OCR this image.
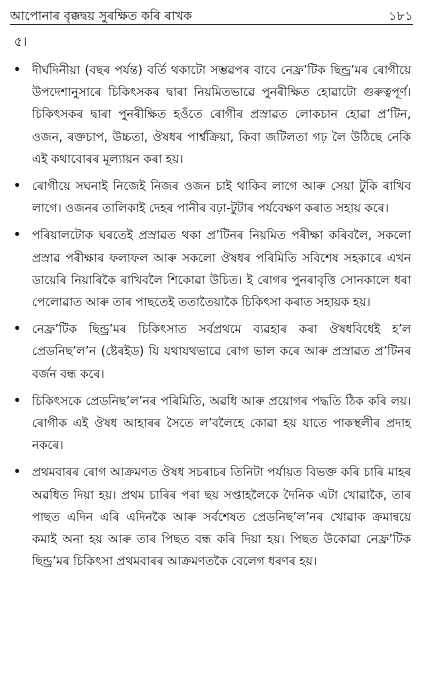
আপোনাৰ বৃক্কদ্বয় সুৰক্ষিত কৰি ৰাখক	১৮১
৫।
• দীৰ্ঘদিনীয়া (বছৰ পৰ্যন্ত) বৰ্তি থকাটো সম্ভৱপৰ বাবে নেফ্ৰ’টিক ছিন্ড্ৰ’মৰ ৰোগীয়ে উপদেশানুসাৰে চিকিৎসকৰ দ্বাৰা নিয়মিতভাৱে পুনৰীক্ষিত হোৱাটো গুৰুত্বপূৰ্ণ। চিকিৎসকৰ দ্বাৰা পুনৰীক্ষিত হওঁতে ৰোগীৰ প্ৰস্ৰাৱত লোকচান হোৱা প্ৰ’টিন, ওজন, ৰক্তচাপ, উচ্চতা, ঔষধৰ পাৰ্শ্বক্ৰিয়া, কিবা জটিলতা গঢ় লৈ উঠিছে নেকি এই কথাবোৰৰ মূল্যায়ন কৰা হয়।
• ৰোগীয়ে সঘনাই নিজেই নিজৰ ওজন চাই থাকিব লাগে আৰু সেয়া টুকি ৰাখিব লাগে। ওজনৰ তালিকাই দেহৰ পানীৰ বঢ়া-টুটাৰ পৰ্যবেক্ষণ কৰাত সহায় কৰে।
• পৰিয়ালটোক ঘৰতেই প্ৰস্ৰাৱত থকা প্ৰ’টিনৰ নিয়মিত পৰীক্ষা কৰিবলৈ, সকলো প্ৰস্ৰাৱ পৰীক্ষাৰ ফলাফল আৰু সকলো ঔষধৰ পৰিমিতি সবিশেষ সহকাৰে এখন ডায়েৰি নিয়াৰিকৈ ৰাখিবলৈ শিকোৱা উচিত। ই ৰোগৰ পুনৰাবৃত্তি সোনকালে ধৰা পেলোৱাত আৰু তাৰ পাছতেই ততাতৈয়াকৈ চিকিৎসা কৰাত সহায়ক হয়।
• নেফ্ৰ’টিক ছিন্ড্ৰ’মৰ চিকিৎসাত সৰ্বপ্ৰথমে ব্যৱহাৰ কৰা ঔষধবিধেই হ’ল প্ৰেডনিছ’ল’ন (ষ্টেৰইড) যি যথাযথভাৱে ৰোগ ভাল কৰে আৰু প্ৰস্ৰাৱত প্ৰ’টিনৰ বৰ্জন বন্ধ কৰে।
• চিকিৎসকে প্ৰেডনিছ’ল’নৰ পৰিমিতি, অৱধি আৰু প্ৰয়োগৰ পদ্ধতি ঠিক কৰি লয়। ৰোগীক এই ঔষধ আহাৰৰ সৈতে ল’বলৈহে কোৱা হয় যাতে পাকস্থলীৰ প্ৰদাহ নকৰে।
• প্ৰথমবাৰৰ ৰোগ আক্ৰমণত ঔষধ সচৰাচৰ তিনিটা পৰ্যায়ত বিভক্ত কৰি চাৰি মাহৰ অৱধিত দিয়া হয়। প্ৰথম চাৰিৰ পৰা ছয় সপ্তাহলৈকে দৈনিক এটা খোৱাকৈ, তাৰ পাছত এদিন এৰি এদিনকৈ আৰু সৰ্বশেষত প্ৰেডনিছ’ল’নৰ খোৱাক ক্ৰমান্বয়ে কমাই অনা হয় আৰু তাৰ পিছত বন্ধ কৰি দিয়া হয়। পিছত উকোৱা নেফ্ৰ’টিক ছিন্ড্ৰ’মৰ চিকিৎসা প্ৰথমবাৰৰ আক্ৰমণতকৈ বেলেগ ধৰণৰ হয়।
